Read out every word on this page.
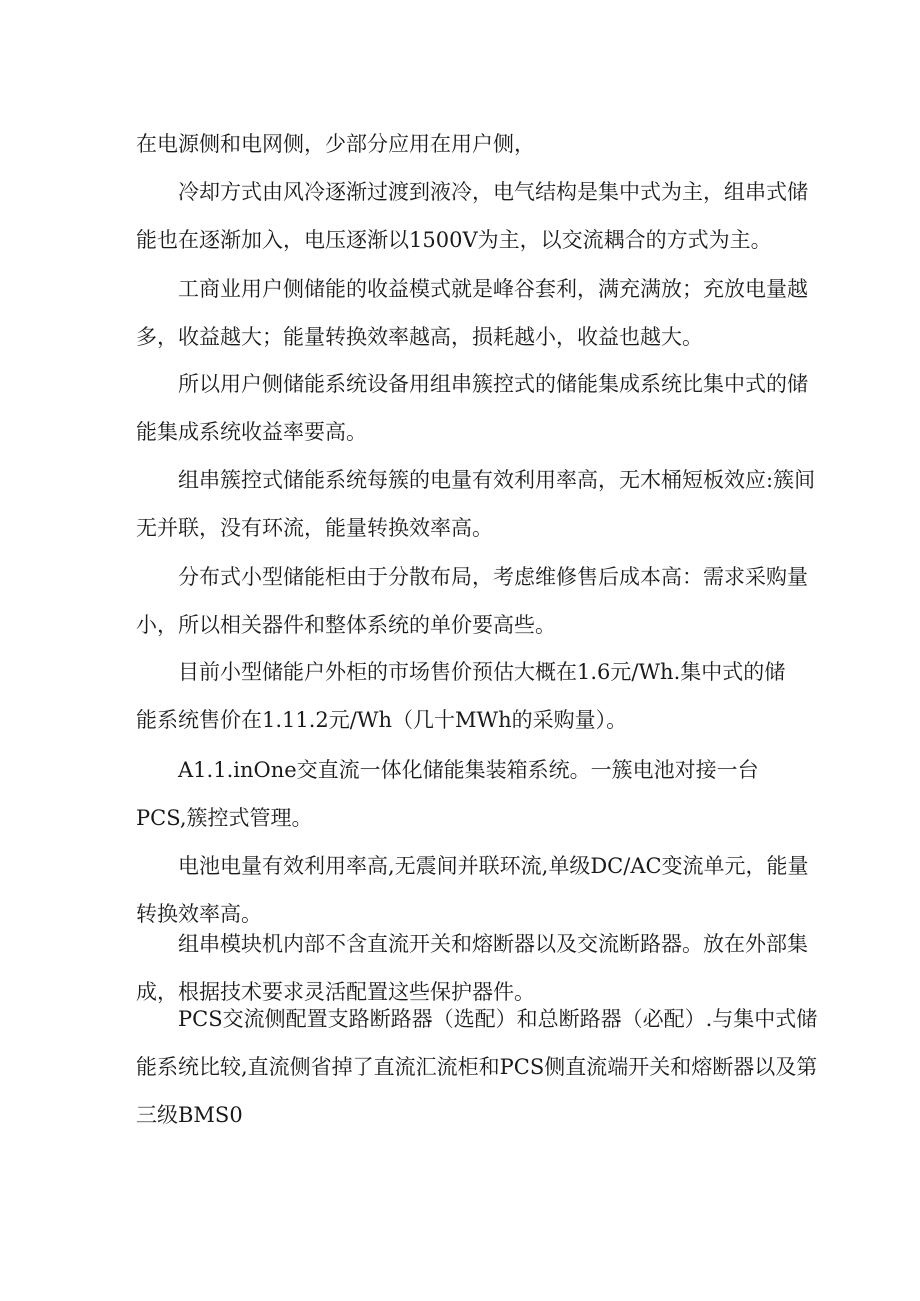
在电源侧和电网侧，少部分应用在用户侧，

冷却方式由风冷逐渐过渡到液冷，电气结构是集中式为主，组串式储
能也在逐渐加入，电压逐渐以1500V为主，以交流耦合的方式为主。

工商业用户侧储能的收益模式就是峰谷套利，满充满放；充放电量越
多，收益越大；能量转换效率越高，损耗越小，收益也越大。

所以用户侧储能系统设备用组串簇控式的储能集成系统比集中式的储
能集成系统收益率要高。

组串簇控式储能系统每簇的电量有效利用率高，无木桶短板效应:簇间
无并联，没有环流，能量转换效率高。

分布式小型储能柜由于分散布局，考虑维修售后成本高：需求采购量
小，所以相关器件和整体系统的单价要高些。

目前小型储能户外柜的市场售价预估大概在1.6元/Wh.集中式的储
能系统售价在1.11.2元/Wh（几十MWh的采购量）。

A1.1.inOne交直流一体化储能集装箱系统。一簇电池对接一台
PCS,簇控式管理。

电池电量有效利用率高,无震间并联环流,单级DC/AC变流单元，能量
转换效率高。

组串模块机内部不含直流开关和熔断器以及交流断路器。放在外部集
成，根据技术要求灵活配置这些保护器件。

PCS交流侧配置支路断路器（选配）和总断路器（必配）.与集中式储
能系统比较,直流侧省掉了直流汇流柜和PCS侧直流端开关和熔断器以及第
三级BMS0
